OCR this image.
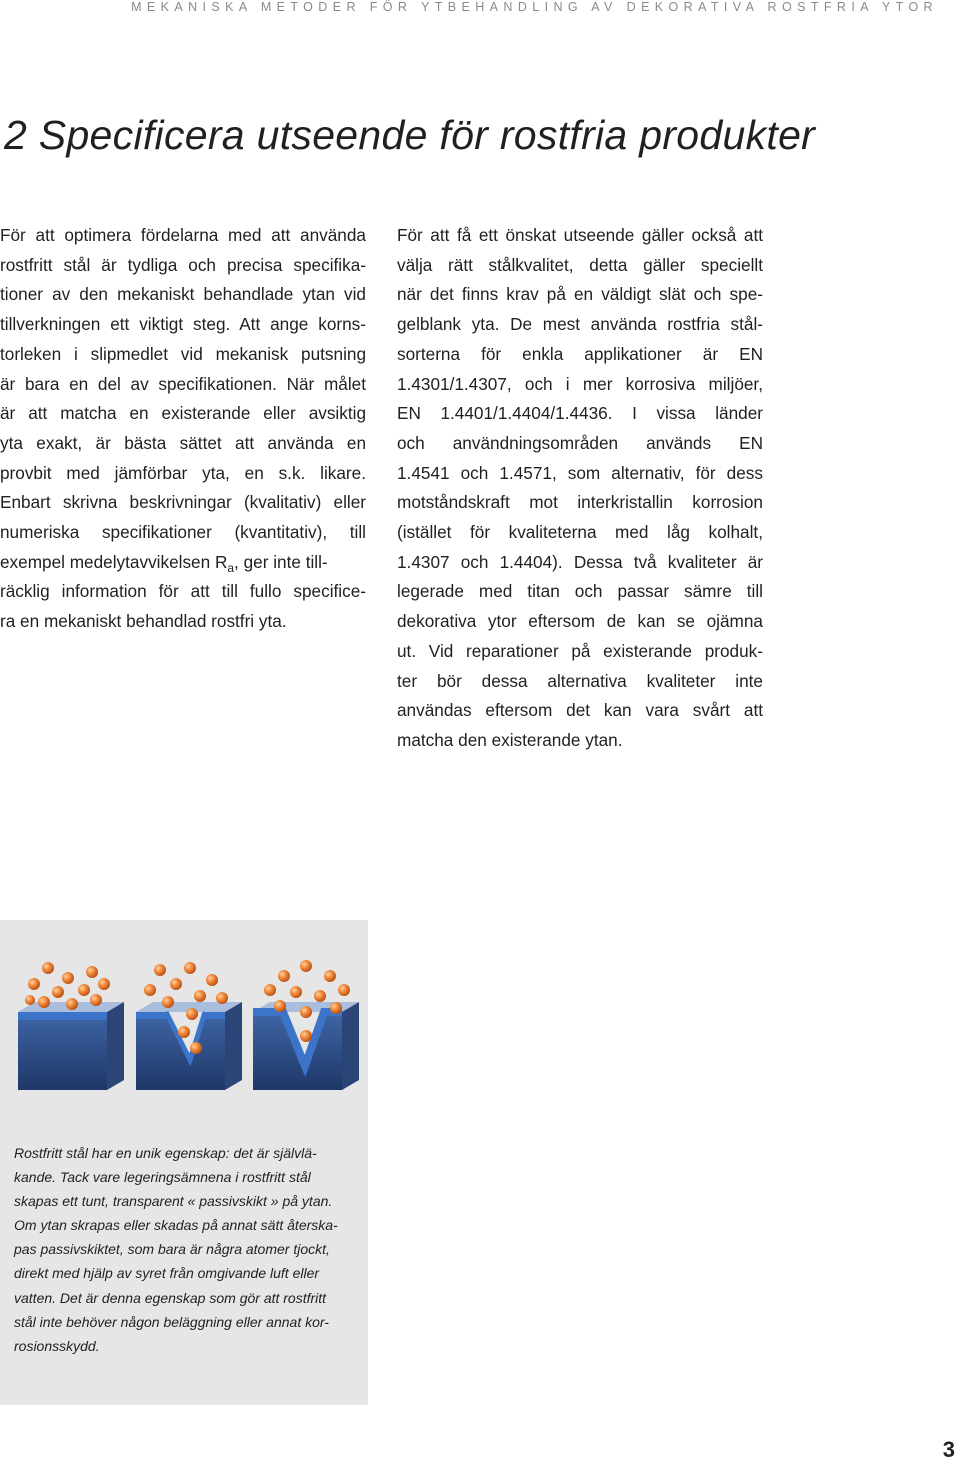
MEKANISKA METODER FÖR YTBEHANDLING AV DEKORATIVA ROSTFRIA YTOR
2 Specificera utseende för rostfria produkter
För att optimera fördelarna med att använda
rostfritt stål är tydliga och precisa specifika-
tioner av den mekaniskt behandlade ytan vid
tillverkningen ett viktigt steg. Att ange korns-
torleken i slipmedlet vid mekanisk putsning
är bara en del av specifikationen. När målet
är att matcha en existerande eller avsiktig
yta exakt, är bästa sättet att använda en
provbit med jämförbar yta, en s.k. likare.
Enbart skrivna beskrivningar (kvalitativ) eller
numeriska specifikationer (kvantitativ), till
exempel medelytavvikelsen $R_a$, ger inte till-
räcklig information för att till fullo specifice-
ra en mekaniskt behandlad rostfri yta.
För att få ett önskat utseende gäller också att
välja rätt stålkvalitet, detta gäller speciellt
när det finns krav på en väldigt slät och spe-
gelblank yta. De mest använda rostfria stål-
sorterna för enkla applikationer är EN
1.4301/1.4307, och i mer korrosiva miljöer,
EN 1.4401/1.4404/1.4436. I vissa länder
och användningsområden används EN
1.4541 och 1.4571, som alternativ, för dess
motståndskraft mot interkristallin korrosion
(istället för kvaliteterna med låg kolhalt,
1.4307 och 1.4404). Dessa två kvaliteter är
legerade med titan och passar sämre till
dekorativa ytor eftersom de kan se ojämna
ut. Vid reparationer på existerande produk-
ter bör dessa alternativa kvaliteter inte
användas eftersom det kan vara svårt att
matcha den existerande ytan.
Rostfritt stål har en unik egenskap: det är självlä-
kande. Tack vare legeringsämnena i rostfritt stål
skapas ett tunt, transparent « passivskikt » på ytan.
Om ytan skrapas eller skadas på annat sätt återska-
pas passivskiktet, som bara är några atomer tjockt,
direkt med hjälp av syret från omgivande luft eller
vatten. Det är denna egenskap som gör att rostfritt
stål inte behöver någon beläggning eller annat kor-
rosionsskydd.
3
